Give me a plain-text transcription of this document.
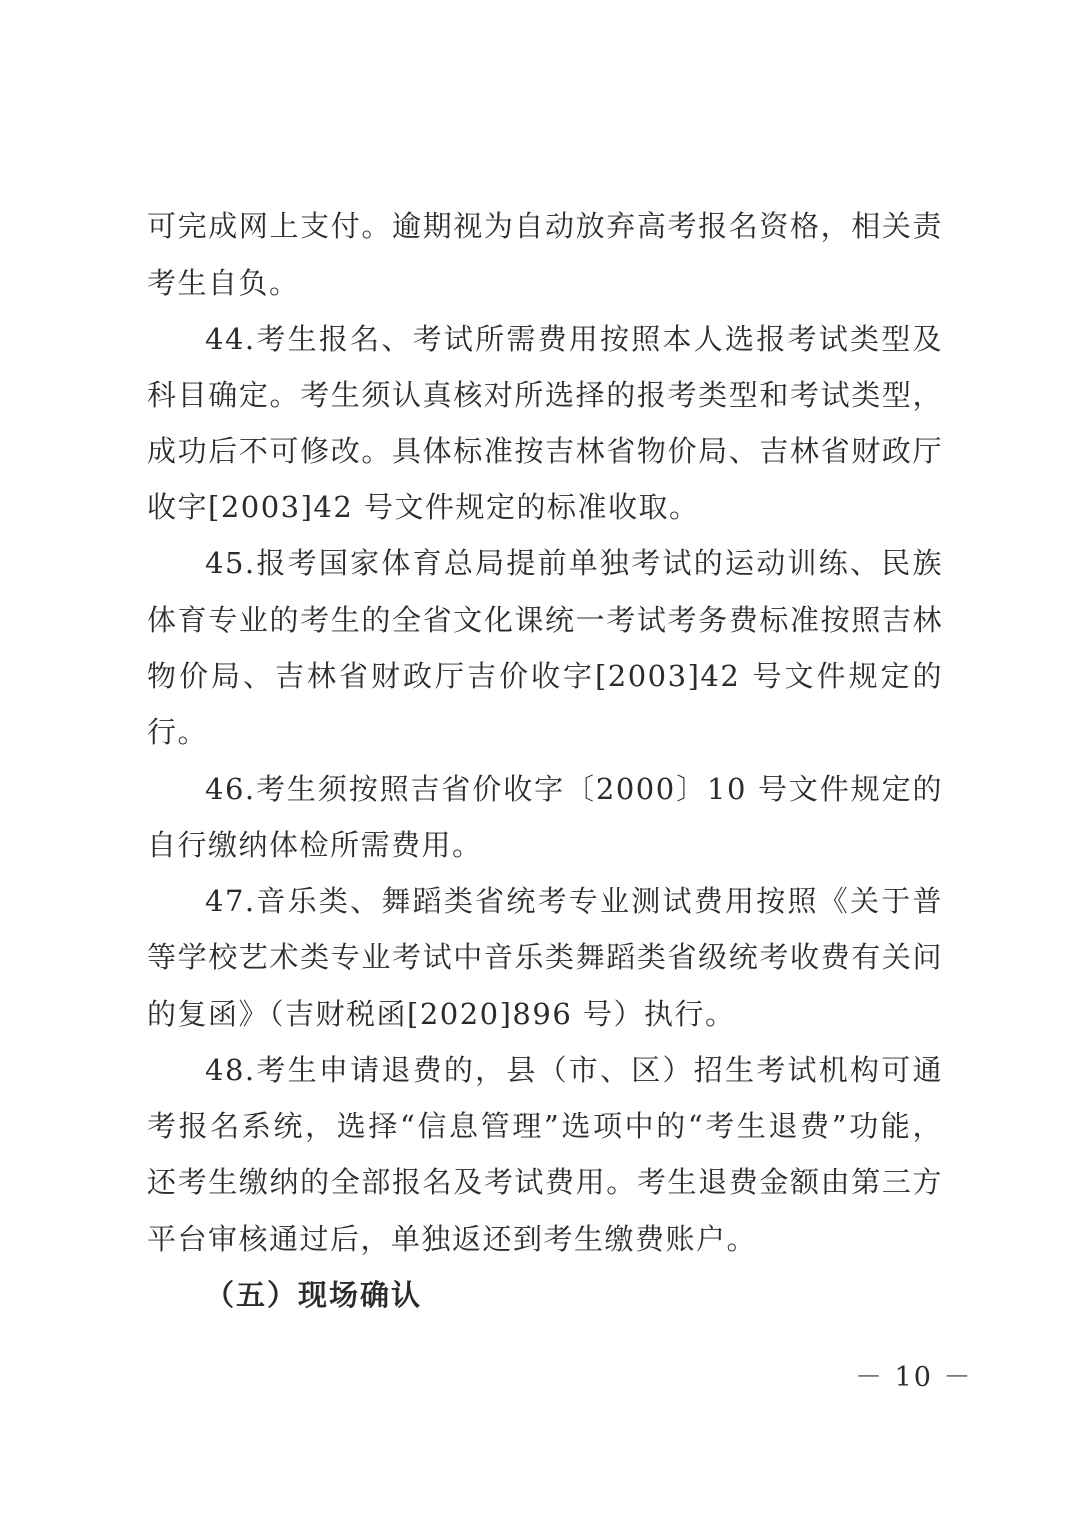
可完成网上支付。逾期视为自动放弃高考报名资格，相关责
考生自负。
44.考生报名、考试所需费用按照本人选报考试类型及
科目确定。考生须认真核对所选择的报考类型和考试类型，
成功后不可修改。具体标准按吉林省物价局、吉林省财政厅
收字[2003]42 号文件规定的标准收取。
45.报考国家体育总局提前单独考试的运动训练、民族
体育专业的考生的全省文化课统一考试考务费标准按照吉林
物价局、吉林省财政厅吉价收字[2003]42 号文件规定的
行。
46.考生须按照吉省价收字〔2000〕10 号文件规定的
自行缴纳体检所需费用。
47.音乐类、舞蹈类省统考专业测试费用按照《关于普
等学校艺术类专业考试中音乐类舞蹈类省级统考收费有关问
的复函》（吉财税函[2020]896 号）执行。
48.考生申请退费的，县（市、区）招生考试机构可通
考报名系统，选择“信息管理”选项中的“考生退费”功能，
还考生缴纳的全部报名及考试费用。考生退费金额由第三方
平台审核通过后，单独返还到考生缴费账户。
（五）现场确认
－ 10 －
